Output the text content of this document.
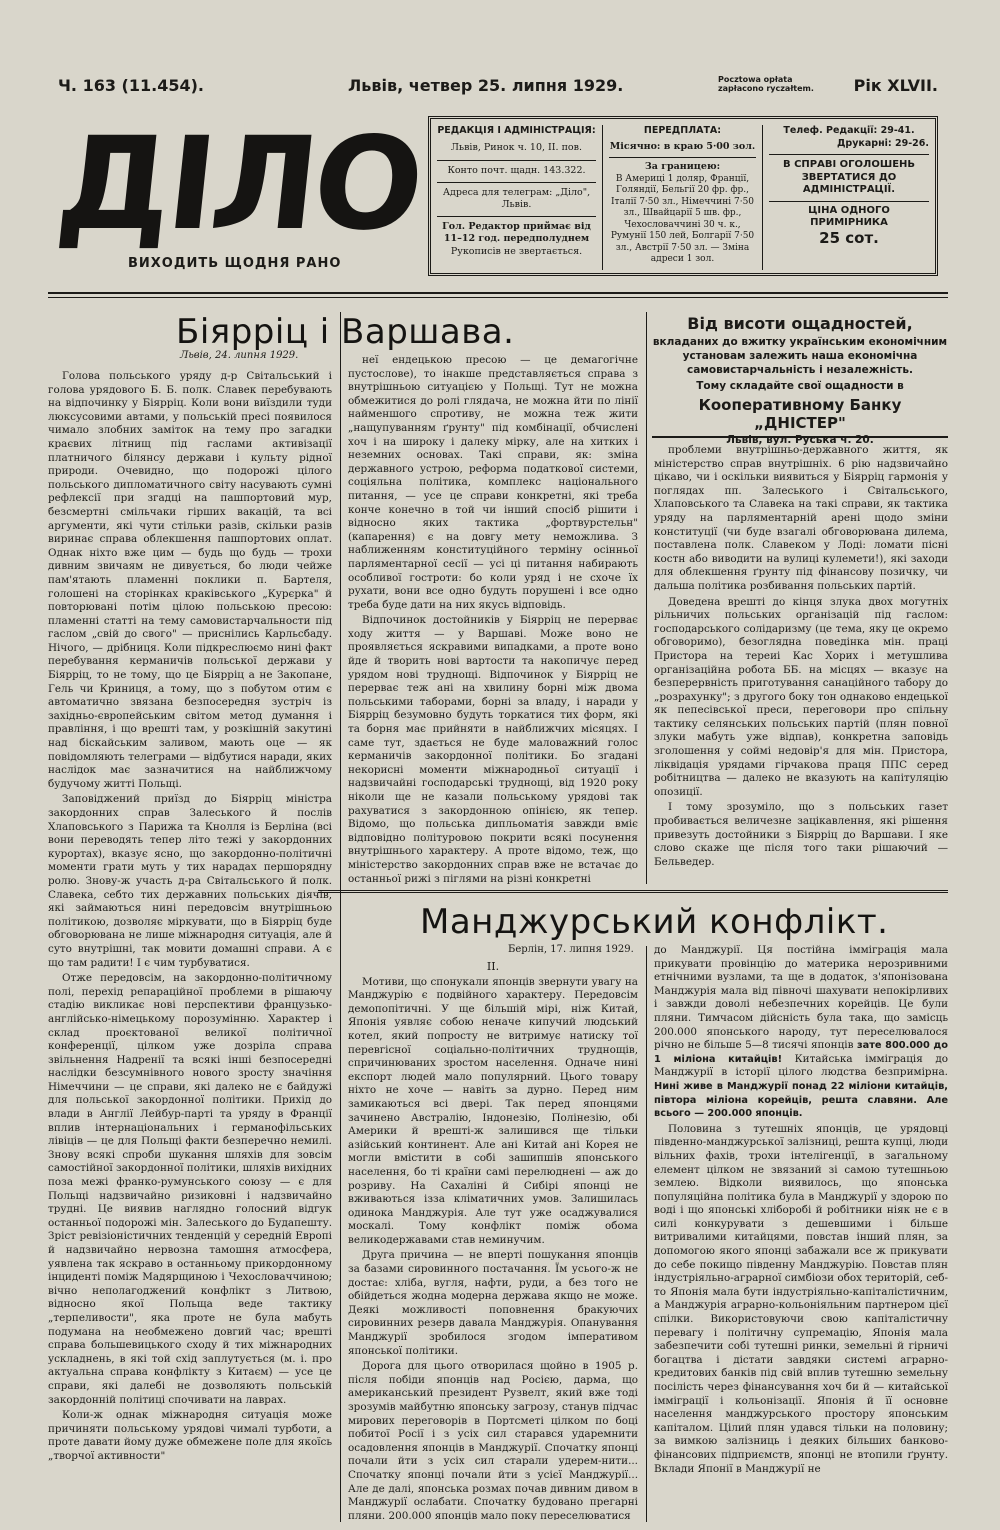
Ч. 163 (11.454).	Львів, четвер 25. липня 1929.	Pocztowa opłata zapłacono ryczałtem.	Рік XLVII.
ДІЛО
ВИХОДИТЬ ЩОДНЯ РАНО
РЕДАКЦІЯ І АДМІНІСТРАЦІЯ:
Львів, Ринок ч. 10, II. пов.
Конто почт. щадн. 143.322.
Адреса для телеграм: „Діло", Львів.
Гол. Редактор приймає від 11–12 год. передполуднем
Рукописів не звертається.
ПЕРЕДПЛАТА:
Місячно: в краю 5·00 зол.
За границею:
В Америці 1 доляр, Франції, Голяндії, Бельгії 20 фр. фр., Італії 7·50 зл., Німеччині 7·50 зл., Швайцарії 5 шв. фр., Чехословаччині 30 ч. к., Румунії 150 лей, Болгарії 7·50 зл., Австрії 7·50 зл. — Зміна адреси 1 зол.
Телеф. Редакції: 29-41.
Друкарні: 29-26.
В СПРАВІ ОГОЛОШЕНЬ ЗВЕРТАТИСЯ ДО АДМІНІСТРАЦІЇ.
ЦІНА ОДНОГО ПРИМІРНИКА
25 сот.
Біярріц і Варшава.
Львів, 24. липня 1929.

Голова польського уряду д-р Світальський і голова урядового Б. Б. полк. Славек перебувають на відпочинку у Біярріц. Коли вони виїздили туди люксусовими автами, у польській пресі появилося чимало злобних заміток на тему про загадки краєвих літнищ під гаслами активізації платничого білянсу держави і культу рідної природи. Очевидно, що подорожі цілого польського дипломатичного світу насувають сумні рефлексії при згадці на пашпортовий мур, безсмертні смільчаки гірших вакацій, та всі аргументи, які чути стільки разів, скільки разів виринає справа облекшення пашпортових оплат. Однак ніхто вже цим — будь що будь — трохи дивним звичаям не дивується, бо люди чейже пам'ятають пламенні поклики п. Бартеля, голошені на сторінках краківського „Курєрка" й повторювані потім цілою польською пресою: пламенні статті на тему самовистарчальности під гаслом „свій до свого" — приснілись Карльсбаду. Нічого, — дрібниця. Коли підкреслюємо нині факт перебування керманичів польської держави у Біярріц, то не тому, що це Біярріц а не Закопане, Гель чи Криниця, а тому, що з побутом отим є автоматично звязана безпосередня зустріч із західньо-європейським світом метод думання і правління, і що врешті там, у розкішній закутині над біскайським заливом, мають оце — як повідомляють телеграми — відбутися наради, яких наслідок має зазначитися на найближчому будучому житті Польщі.

Заповіджений приїзд до Біярріц міністра закордонних справ Залеського й послів Хлаповського з Парижа та Кнолля із Берліна (всі вони переводять тепер літо тежі у закордонних курортах), вказує ясно, що закордонно-політичні моменти грати муть у тих нарадах першорядну ролю. Знову-ж участь д-ра Світальського й полк. Славека, себто тих державних польських діячів, які займаються нині передовсім внутрішньою політикою, дозволяє міркувати, що в Біярріц буде обговорювана не лише міжнародня ситуація, але й суто внутрішні, так мовити домашні справи. А є що там радити! І є чим турбуватися.

Отже передовсім, на закордонно-політичному полі, перехід репараційної проблеми в рішаючу стадію викликає нові перспективи французько-англійсько-німецькому порозумінню. Характер і склад проєктованої великої політичної конференції, цілком уже дозріла справа звільнення Надренії та всякі інші безпосередні наслідки безсумнівного нового зросту значіння Німеччини — це справи, які далеко не є байдужі для польської закордонної політики. Прихід до влади в Англії Лейбур-парті та уряду в Франції вплив інтернаціональних і германофільських лівіців — це для Польщі факти безперечно немилі. Знову всякі спроби шукання шляхів для зовсім самостійної закордонної політики, шляхів вихідних поза межі франко-румунського союзу — є для Польщі надзвичайно ризиковні і надзвичайно трудні. Це виявив наглядно голосний відгук останньої подорожі мін. Залеського до Будапешту. Зріст ревізіоністичних тенденцій у середній Европі й надзвичайно нервозна тамошня атмосфера, уявлена так яскраво в останньому прикордонному інциденті поміж Мадярщиною і Чехословаччиною; вічно неполагоджений конфлікт з Литвою, відносно якої Польща веде тактику „терпеливости", яка проте не була мабуть подумана на необмежено довгий час; врешті справа большевицького сходу й тих міжнародних ускладнень, в які той схід заплутується (м. і. про актуальна справа конфлікту з Китаєм) — усе це справи, які далебі не дозволяють польській закордонній політиці спочивати на лаврах.

Коли-ж однак міжнародня ситуація може причиняти польському урядові чималі турботи, а проте давати йому дуже обмежене поле для якоїсь „творчої активности"

неї ендецькою пресою — це демагогічне пустослове), то інакше представляється справа з внутрішньою ситуацією у Польщі. Тут не можна обмежитися до ролі глядача, не можна йти по лінії найменшого спротиву, не можна теж жити „нащупуванням ґрунту" під комбінації, обчислені хоч і на широку і далеку мірку, але на хитких і неземних основах. Такі справи, як: зміна державного устрою, реформа податкової системи, соціяльна політика, комплекс національного питання, — усе це справи конкретні, які треба конче конечно в той чи інший спосіб рішити і відносно яких тактика „фортвурстельн" (капарення) є на довгу мету неможлива. З наближенням конституційного терміну осінньої парляментарної сесії — усі ці питання набирають особливої гостроти: бо коли уряд і не схоче їх рухати, вони все одно будуть порушені і все одно треба буде дати на них якусь відповідь.

Відпочинок достойників у Біярріц не перерває ходу життя — у Варшаві. Може воно не проявляється яскравими випадками, а проте воно йде й творить нові вартости та накопичує перед урядом нові труднощі. Відпочинок у Біярріц не перерває теж ані на хвилину борні між двома польськими таборами, борні за владу, і наради у Біярріц безумовно будуть торкатися тих форм, які та борня має прийняти в найближчих місяцях. І саме тут, здається не буде маловажний голос керманичів закордонної політики. Бо згадані некорисні моменти міжнародньої ситуації і надзвичайні господарські труднощі, від 1920 року ніколи ще не казали польському урядові так рахуватися з закордонною опінією, як тепер. Відомо, що польська дипльоматія завжди вміє відповідно політуровою покрити всякі посунення внутрішнього характеру. А проте відомо, теж, що міністерство закордонних справ вже не встачає до останньої рижі з піглями на різні конкретні

Від висоти ощадностей,
вкладаних до вжитку українським економічним установам залежить наша економічна самовистарчальність і незалежність.
Тому складайте свої ощадности в
Кооперативному Банку „ДНІСТЕР"
Львів, вул. Руська ч. 20.

проблеми внутрішньо-державного життя, як міністерство справ внутрішніх. 6 рію надзвичайно цікаво, чи і оскільки виявиться у Біярріц гармонія у поглядах пп. Залеського і Світальського, Хлаповського та Славека на такі справи, як тактика уряду на парляментарній арені щодо зміни конституції (чи буде взагалі обговорювана дилема, поставлена полк. Славеком у Лоді: ломати пісні костн або виводити на вулиці кулемети!), які заходи для облекшення ґрунту під фінансову позичку, чи дальша політика розбивання польських партій.

Доведена врешті до кінця злука двох могутніх рільничих польських організацій під гаслом: господарського солідаризму (це тема, яку це окремо обговоримо), безоглядна поведінка мін. праці Пристора на тереиі Кас Хорих і метушлива організаційна робота ББ. на місцях — вказує на безперервність приготування санаційного табору до „розрахунку"; з другого боку тон однаково ендецької як пепесівської преси, переговори про спільну тактику селянських польських партій (плян повної злуки мабуть уже відпав), конкретна заповідь зголошення у соймі недовір'я для мін. Пристора, ліквідація урядами гірчакова праця ППС серед робітництва — далеко не вказують на капітуляцію опозиції.

І тому зрозуміло, що з польських газет пробивається величезне зацікавлення, які рішення привезуть достойники з Біярріц до Варшави. І яке слово скаже ще після того таки рішаючий — Бельведер.

Манджурський конфлікт.
Берлін, 17. липня 1929.
II.

Мотиви, що спонукали японців звернути увагу на Манджурію є подвійного характеру. Передовсім демопопітичні. У ще більшій мірі, ніж Китай, Японія уявляє собою неначе кипучий людський котел, який попросту не витримує натиску тої перевгісної соціально-політичних труднощів, спричинюваних зростом населення. Одначе нині експорт людей мало популярний. Цього товару ніхто не хоче — навіть за дурно. Перед ним замикаються всі двері. Так перед японцями зачинено Австралію, Індонезію, Полінезію, обі Америки й врешті-ж залишився ще тільки азійський континент. Але ані Китай ані Корея не могли вмістити в собі зашипшів японського населення, бо ті країни самі перелюднені — аж до розриву. На Сахаліні й Сибірі японці не вживаються ізза кліматичних умов. Залишилась одинока Манджурія. Але тут уже осаджувалися москалі. Тому конфлікт поміж обома великодержавами став неминучим.

Друга причина — не вперті пошукання японців за базами сировинного постачання. Їм усього-ж не достає: хліба, вугля, нафти, руди, а без того не обійдеться жодна модерна держава якщо не може. Деякі можливості поповнення бракуючих сировинних резерв давала Манджурія. Опанування Манджурії зробилося згодом імперативом японської політики.

Дорога для цього отворилася щойно в 1905 р. після побіди японців над Росією, дарма, що американський президент Рузвелт, який вже тоді зрозумів майбутню японську загрозу, станув підчас мирових переговорів в Портсметі цілком по боці побитої Росії і з усіх сил старався ударемнити осадовлення японців в Манджурії. Спочатку японці почали йти з усіх сил старали удерем-нити... Спочатку японці почали йти з усієї Манджурії... Але де далі, японська розмах почав дивним дивом в Манджурії ослабати. Спочатку будовано прегарні пляни. 200.000 японців мало поку переселюватися

до Манджурії. Ця постійна імміграція мала прикувати провінцію до материка нерозривними етнічними вузлами, та ще в додаток, з'японізована Манджурія мала від півночі шахувати непокірливих і завжди доволі небезпечних корейців. Це були пляни. Тимчасом дійсність була така, що замісць 200.000 японського народу, тут переселювалося річно не більше 5—8 тисячі японців зате 800.000 до 1 міліона китайців! Китайська імміграція до Манджурії в історії цілого людства безпримірна. Нині живе в Манджурії понад 22 міліони китайців, півтора міліона корейців, решта славяни. Але всього — 200.000 японців.

Половина з тутешніх японців, це урядовці південно-манджурської залізниці, решта купці, люди вільних фахів, трохи інтелігенції, в загальному елемент цілком не звязаний зі самою тутешньою землею. Відколи виявилось, що японська популяційна політика була в Манджурії у здорою по воді і що японські хліборобі й робітники ніяк не є в силі конкурувати з дешевшими і більше витривалими китайцями, повстав інший плян, за допомогою якого японці забажали все ж прикувати до себе покищо південну Манджурію. Повстав плян індустріяльно-аграрної симбіози обох територій, себ-то Японія мала бути індустріяльно-капіталістичним, а Манджурія аграрно-кольоніяльним партнером цієї спілки. Використовуючи свою капіталістичну перевагу і політичну супремацію, Японія мала забезпечити собі тутешні ринки, земельні й гірничі богацтва і дістати завдяки системі аграрно-кредитових банків під свій вплив тутешню земельну посілість через фінансування хоч би й — китайської імміграції і кольонізації. Японія й її основне населення манджурського простору японським капіталом. Цілий плян удався тільки на половину; за вимкою залізниць і деяких більших банково-фінансових підприємств, японці не втопили ґрунту. Вклади Японії в Манджурії не
